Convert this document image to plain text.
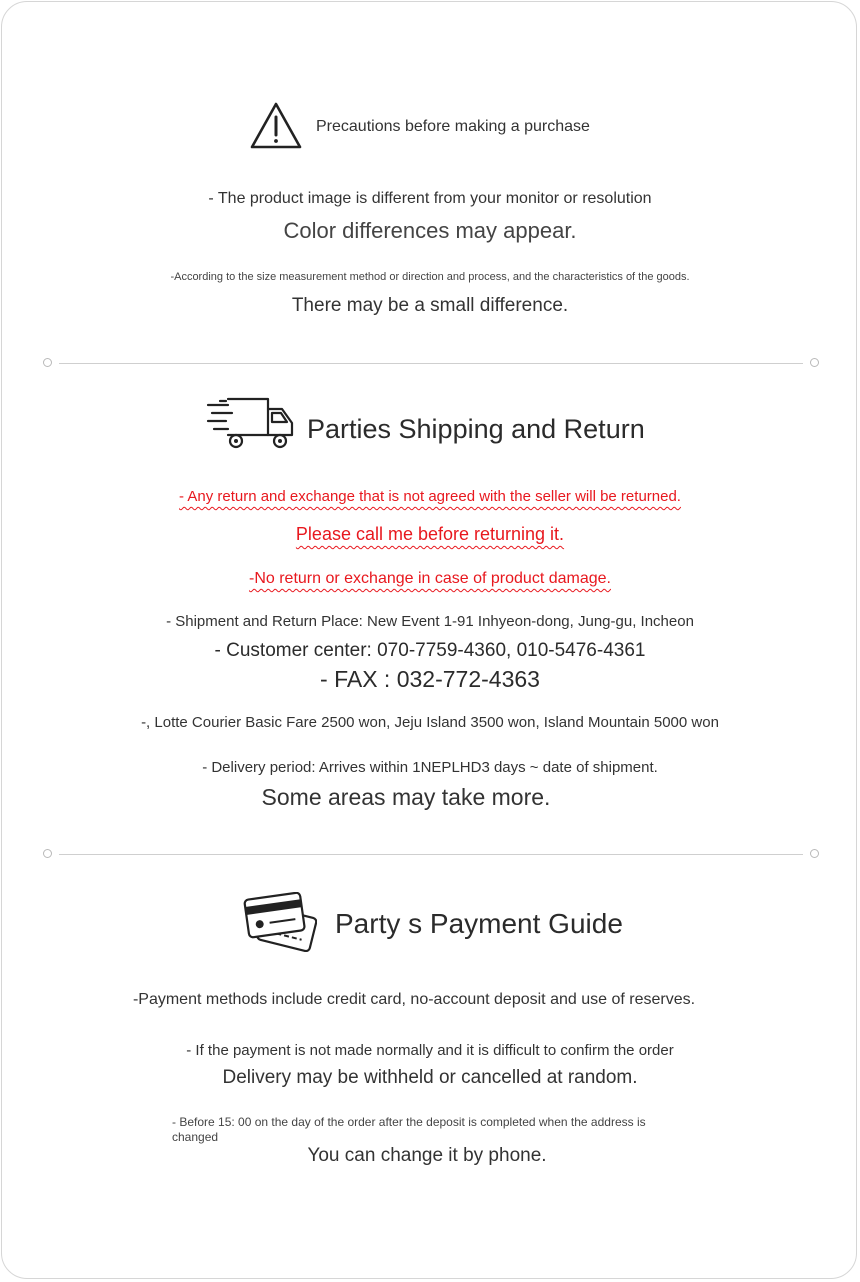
Precautions before making a purchase
- The product image is different from your monitor or resolution
Color differences may appear.
-According to the size measurement method or direction and process, and the characteristics of the goods.
There may be a small difference.
Parties Shipping and Return
- Any return and exchange that is not agreed with the seller will be returned.
Please call me before returning it.
-No return or exchange in case of product damage.
- Shipment and Return Place: New Event 1-91 Inhyeon-dong, Jung-gu, Incheon
- Customer center: 070-7759-4360, 010-5476-4361
- FAX : 032-772-4363
-, Lotte Courier Basic Fare 2500 won, Jeju Island 3500 won, Island Mountain 5000 won
- Delivery period: Arrives within 1NEPLHD3 days ~ date of shipment.
Some areas may take more.
Party s Payment Guide
-Payment methods include credit card, no-account deposit and use of reserves.
- If the payment is not made normally and it is difficult to confirm the order
Delivery may be withheld or cancelled at random.
- Before 15: 00 on the day of the order after the deposit is completed when the address is changed
You can change it by phone.
